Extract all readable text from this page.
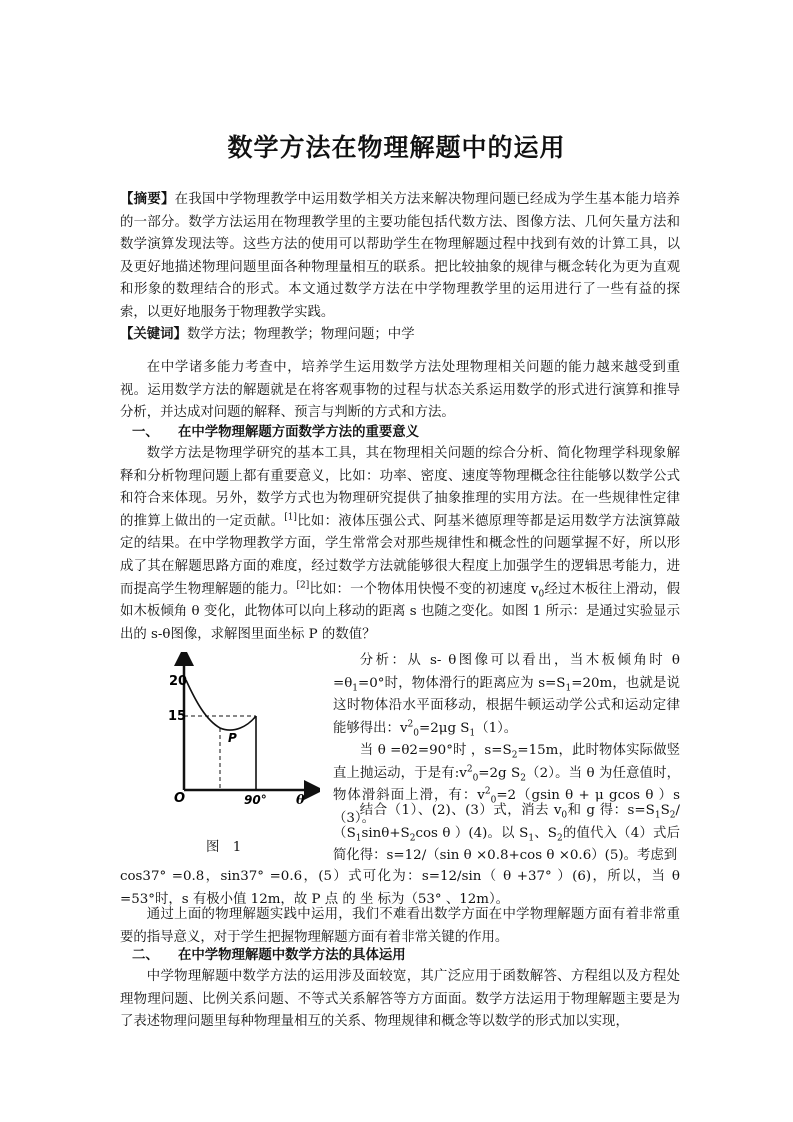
数学方法在物理解题中的运用

【摘要】在我国中学物理教学中运用数学相关方法来解决物理问题已经成为学生基本能力培养的一部分。数学方法运用在物理教学里的主要功能包括代数方法、图像方法、几何矢量方法和数学演算发现法等。这些方法的使用可以帮助学生在物理解题过程中找到有效的计算工具，以及更好地描述物理问题里面各种物理量相互的联系。把比较抽象的规律与概念转化为更为直观和形象的数理结合的形式。本文通过数学方法在中学物理教学里的运用进行了一些有益的探索，以更好地服务于物理教学实践。

【关键词】数学方法；物理教学；物理问题；中学

在中学诸多能力考查中，培养学生运用数学方法处理物理相关问题的能力越来越受到重视。运用数学方法的解题就是在将客观事物的过程与状态关系运用数学的形式进行演算和推导分析，并达成对问题的解释、预言与判断的方式和方法。

一、 在中学物理解题方面数学方法的重要意义

数学方法是物理学研究的基本工具，其在物理相关问题的综合分析、简化物理学科现象解释和分析物理问题上都有重要意义，比如：功率、密度、速度等物理概念往往能够以数学公式和符合来体现。另外，数学方式也为物理研究提供了抽象推理的实用方法。在一些规律性定律的推算上做出的一定贡献。[1]比如：液体压强公式、阿基米德原理等都是运用数学方法演算敲定的结果。在中学物理教学方面，学生常常会对那些规律性和概念性的问题掌握不好，所以形成了其在解题思路方面的难度，经过数学方法就能够很大程度上加强学生的逻辑思考能力，进而提高学生物理解题的能力。[2]比如：一个物体用快慢不变的初速度 $v_0$经过木板往上滑动，假如木板倾角 θ 变化，此物体可以向上移动的距离 s 也随之变化。如图 1 所示：是通过实验显示出的 s-θ图像，求解图里面坐标 P 的数值？

20
15
P
O	90° θ
图　1

分析：从 s- θ图像可以看出，当木板倾角时 $\theta =\theta_1=0^\circ$时，物体滑行的距离应为 $s=S_1=20m$，也就是说这时物体沿水平面移动，根据牛顿运动学公式和运动定律能够得出：$v^2_0=2\mu g$ $S_1(1)$。

当 θ =θ2=90°时 ，$s=S_2=15m$，此时物体实际做竖直上抛运动，于是有$:v^2_0=2g$ $S_2(2)$。当 θ 为任意值时，物体滑斜面上滑，有：$v^2_0=2(gsin$ θ + μ gcos θ ）s （3）。

结合（1）、(2)、(3）式，消去 $v_0$和 g 得：$s=S_1S_2/(S_1\sin\theta+S_2\cos$ θ ）(4)。以 $S_1$、$S_2$的值代入（4）式后简化得：s=12/（sin θ ×0.8+cos θ ×0.6）(5)。考虑到

cos37° =0.8，sin37° =0.6，(5）式可化为：s=12/sin（ θ +37° ）(6)，所以，当 θ =53°时，s 有极小值 12m，故 P 点 的 坐 标为（53° 、12m）。

通过上面的物理解题实践中运用，我们不难看出数学方面在中学物理解题方面有着非常重要的指导意义，对于学生把握物理解题方面有着非常关键的作用。

二、 在中学物理解题中数学方法的具体运用

中学物理解题中数学方法的运用涉及面较宽，其广泛应用于函数解答、方程组以及方程处理物理问题、比例关系问题、不等式关系解答等方方面面。数学方法运用于物理解题主要是为了表述物理问题里每种物理量相互的关系、物理规律和概念等以数学的形式加以实现，
